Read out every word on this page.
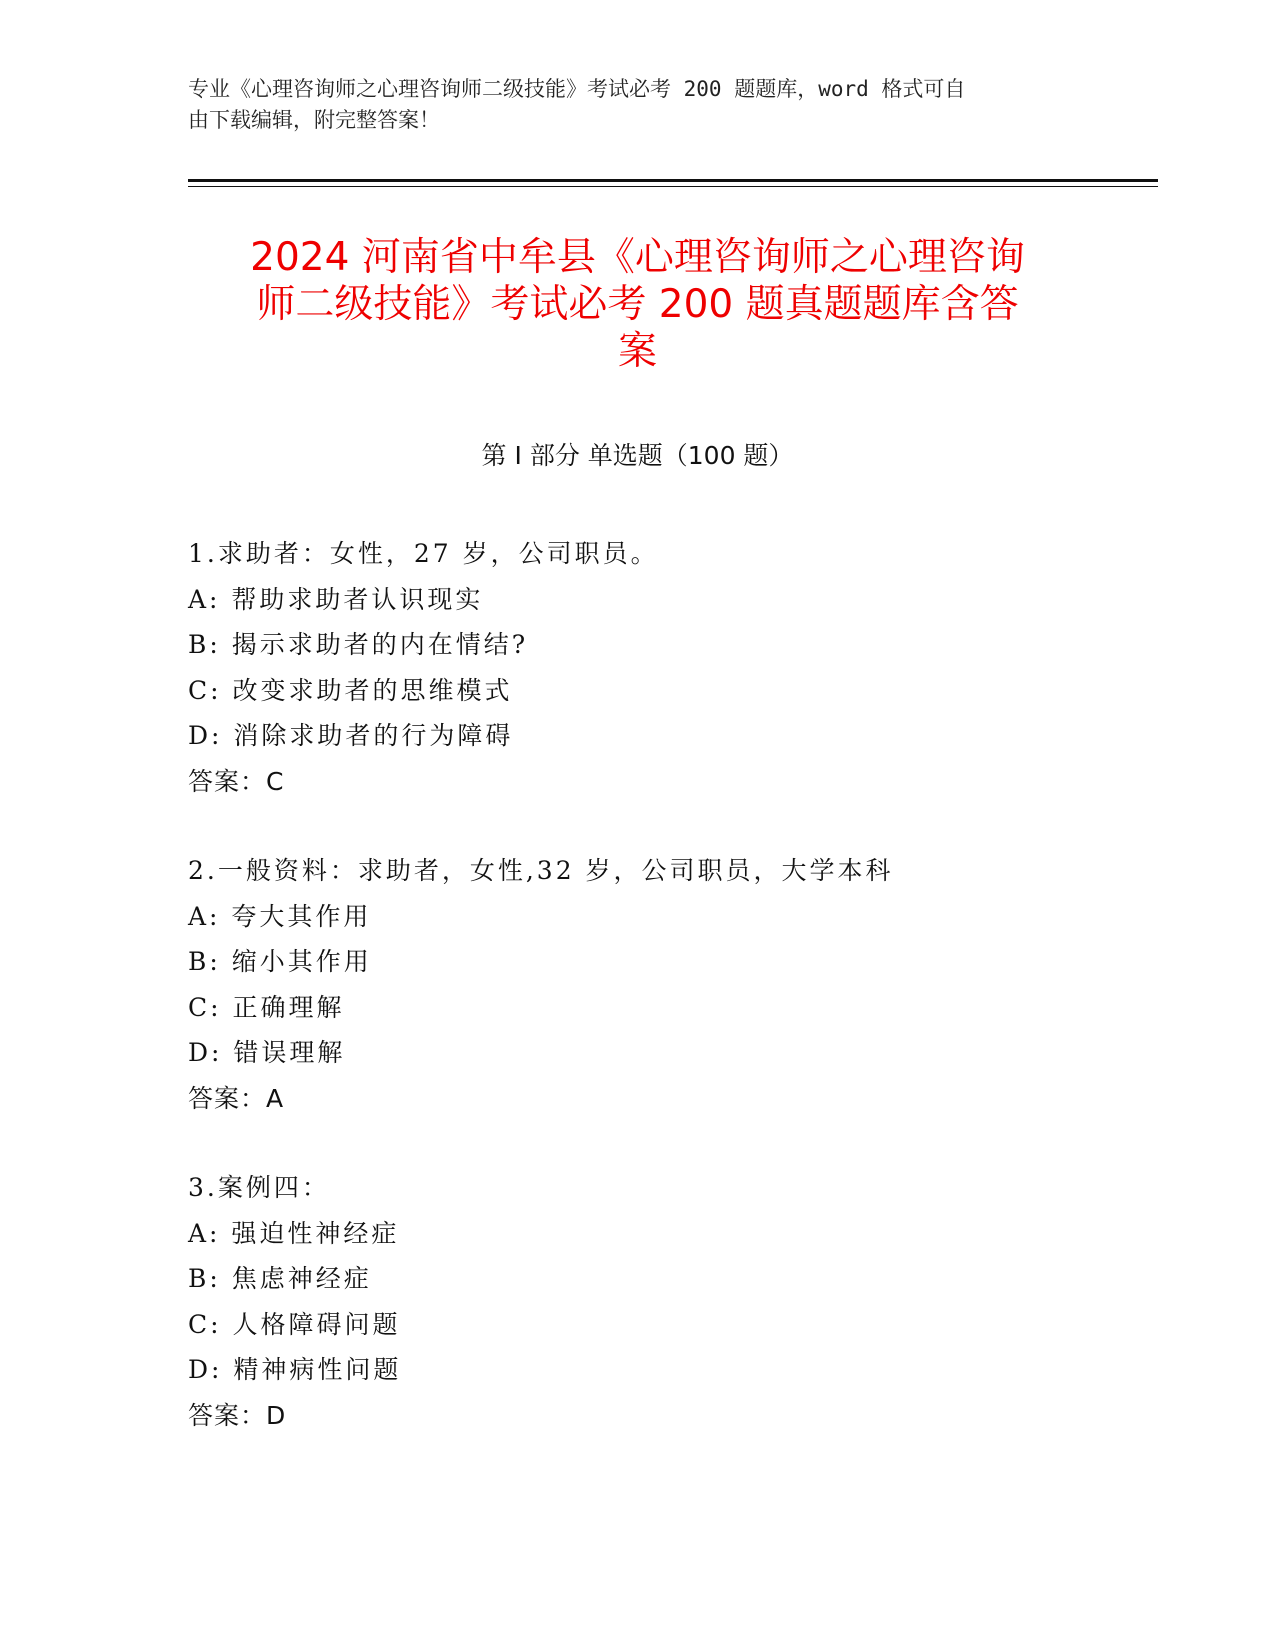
专业《心理咨询师之心理咨询师二级技能》考试必考 200 题题库，word 格式可自
由下载编辑，附完整答案！
2024 河南省中牟县《心理咨询师之心理咨询
师二级技能》考试必考 200 题真题题库含答
案
第 I 部分 单选题（100 题）
1.求助者：女性，27 岁，公司职员。
A: 帮助求助者认识现实
B: 揭示求助者的内在情结?
C: 改变求助者的思维模式
D: 消除求助者的行为障碍
答案：C
2.一般资料：求助者，女性,32 岁，公司职员，大学本科
A: 夸大其作用
B: 缩小其作用
C: 正确理解
D: 错误理解
答案：A
3.案例四：
A: 强迫性神经症
B: 焦虑神经症
C: 人格障碍问题
D: 精神病性问题
答案：D
